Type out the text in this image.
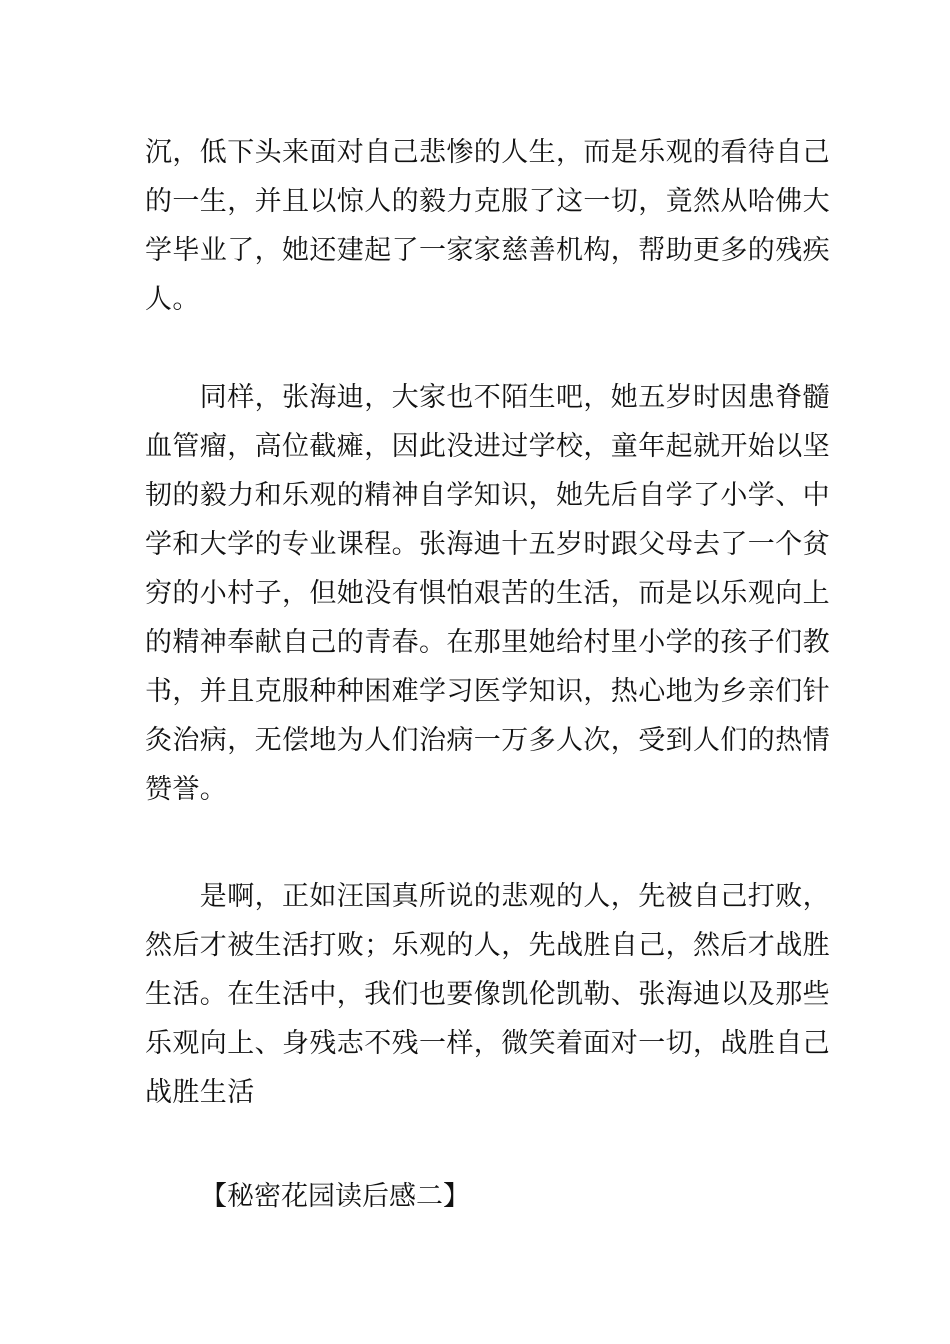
沉，低下头来面对自己悲惨的人生，而是乐观的看待自己
的一生，并且以惊人的毅力克服了这一切，竟然从哈佛大
学毕业了，她还建起了一家家慈善机构，帮助更多的残疾
人。

　　同样，张海迪，大家也不陌生吧，她五岁时因患脊髓
血管瘤，高位截瘫，因此没进过学校，童年起就开始以坚
韧的毅力和乐观的精神自学知识，她先后自学了小学、中
学和大学的专业课程。张海迪十五岁时跟父母去了一个贫
穷的小村子，但她没有惧怕艰苦的生活，而是以乐观向上
的精神奉献自己的青春。在那里她给村里小学的孩子们教
书，并且克服种种困难学习医学知识，热心地为乡亲们针
灸治病，无偿地为人们治病一万多人次，受到人们的热情
赞誉。

　　是啊，正如汪国真所说的悲观的人，先被自己打败，
然后才被生活打败；乐观的人，先战胜自己，然后才战胜
生活。在生活中，我们也要像凯伦凯勒、张海迪以及那些
乐观向上、身残志不残一样，微笑着面对一切，战胜自己
战胜生活

【秘密花园读后感二】
